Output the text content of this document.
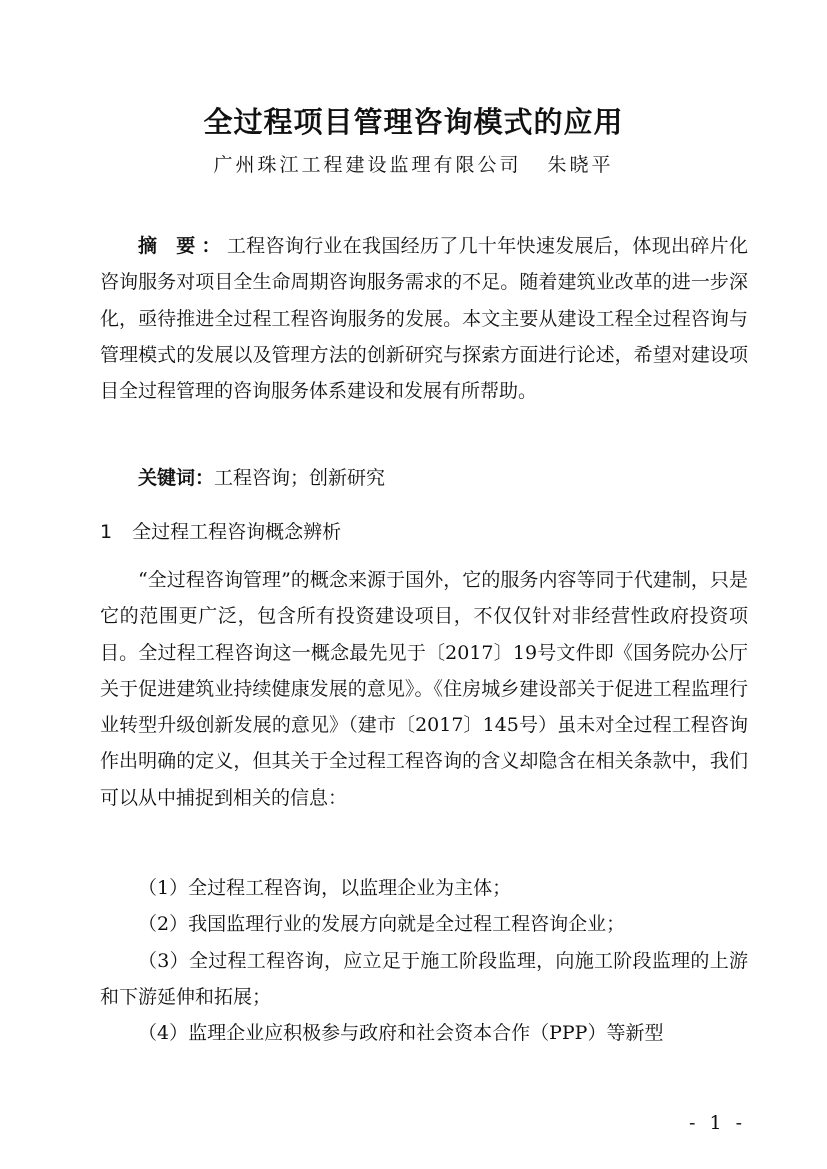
全过程项目管理咨询模式的应用
广州珠江工程建设监理有限公司 朱晓平

摘 要：工程咨询行业在我国经历了几十年快速发展后，体现出碎片化咨询服务对项目全生命周期咨询服务需求的不足。随着建筑业改革的进一步深化，亟待推进全过程工程咨询服务的发展。本文主要从建设工程全过程咨询与管理模式的发展以及管理方法的创新研究与探索方面进行论述，希望对建设项目全过程管理的咨询服务体系建设和发展有所帮助。

关键词：工程咨询；创新研究

1 全过程工程咨询概念辨析

“全过程咨询管理”的概念来源于国外，它的服务内容等同于代建制，只是它的范围更广泛，包含所有投资建设项目，不仅仅针对非经营性政府投资项目。全过程工程咨询这一概念最先见于〔2017〕19号文件即《国务院办公厅关于促进建筑业持续健康发展的意见》。《住房城乡建设部关于促进工程监理行业转型升级创新发展的意见》（建市〔2017〕145号）虽未对全过程工程咨询作出明确的定义，但其关于全过程工程咨询的含义却隐含在相关条款中，我们可以从中捕捉到相关的信息：

（1）全过程工程咨询，以监理企业为主体；

（2）我国监理行业的发展方向就是全过程工程咨询企业；

（3）全过程工程咨询，应立足于施工阶段监理，向施工阶段监理的上游和下游延伸和拓展；

（4）监理企业应积极参与政府和社会资本合作（PPP）等新型

- 1 -
